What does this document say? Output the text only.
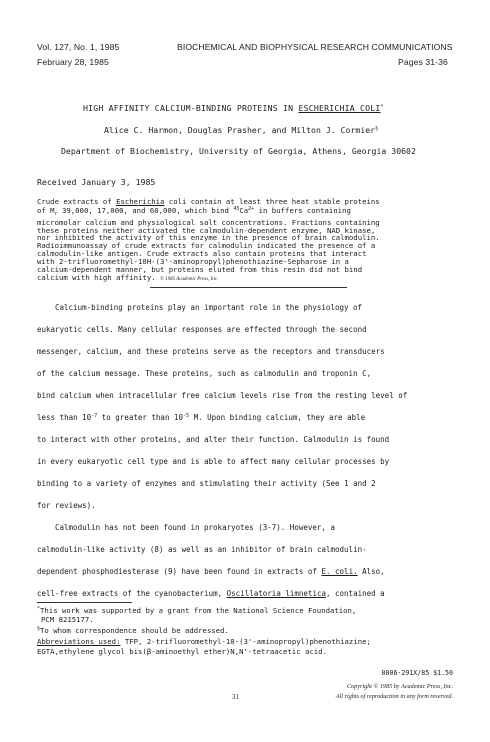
Vol. 127, No. 1, 1985	BIOCHEMICAL AND BIOPHYSICAL RESEARCH COMMUNICATIONS
February 28, 1985	Pages 31-36
HIGH AFFINITY CALCIUM-BINDING PROTEINS IN ESCHERICHIA COLI*
Alice C. Harmon, Douglas Prasher, and Milton J. Cormier§
Department of Biochemistry, University of Georgia, Athens, Georgia 30602
Received January 3, 1985
Crude extracts of Escherichia coli contain at least three heat stable proteins
of $M_r$ 39,000, 17,000, and 60,000, which bind $^{45}Ca^{2+}$ in buffers containing
micromolar calcium and physiological salt concentrations. Fractions containing
these proteins neither activated the calmodulin-dependent enzyme, NAD kinase,
nor inhibited the activity of this enzyme in the presence of brain calmodulin.
Radioimmunoassay of crude extracts for calmodulin indicated the presence of a
calmodulin-like antigen. Crude extracts also contain proteins that interact
with 2-trifluoromethyl-10H-(3'-aminopropyl)phenothiazine-Sepharose in a
calcium-dependent manner, but proteins eluted from this resin did not bind
calcium with high affinity. © 1985 Academic Press, Inc.
Calcium-binding proteins play an important role in the physiology of
eukaryotic cells. Many cellular responses are effected through the second
messenger, calcium, and these proteins serve as the receptors and transducers
of the calcium message. These proteins, such as calmodulin and troponin C,
bind calcium when intracellular free calcium levels rise from the resting level of
less than $10^{-7}$ to greater than $10^{-5}$ M. Upon binding calcium, they are able
to interact with other proteins, and alter their function. Calmodulin is found
in every eukaryotic cell type and is able to affect many cellular processes by
binding to a variety of enzymes and stimulating their activity (See 1 and 2
for reviews).
Calmodulin has not been found in prokaryotes (3-7). However, a
calmodulin-like activity (8) as well as an inhibitor of brain calmodulin-
dependent phosphodiesterase (9) have been found in extracts of E. coli. Also,
cell-free extracts of the cyanobacterium, Oscillatoria limnetica, contained a
*This work was supported by a grant from the National Science Foundation,
PCM 8215177.
§To whom correspondence should be addressed.
Abbreviations used: TFP, 2-trifluoromethyl-10-(3'-aminopropyl)phenothiazine;
EGTA,ethylene glycol bis(β-aminoethyl ether)N,N'-tetraacetic acid.
0006-291X/85 $1.50
Copyright © 1985 by Academic Press, Inc.
All rights of reproduction in any form reserved.
31
